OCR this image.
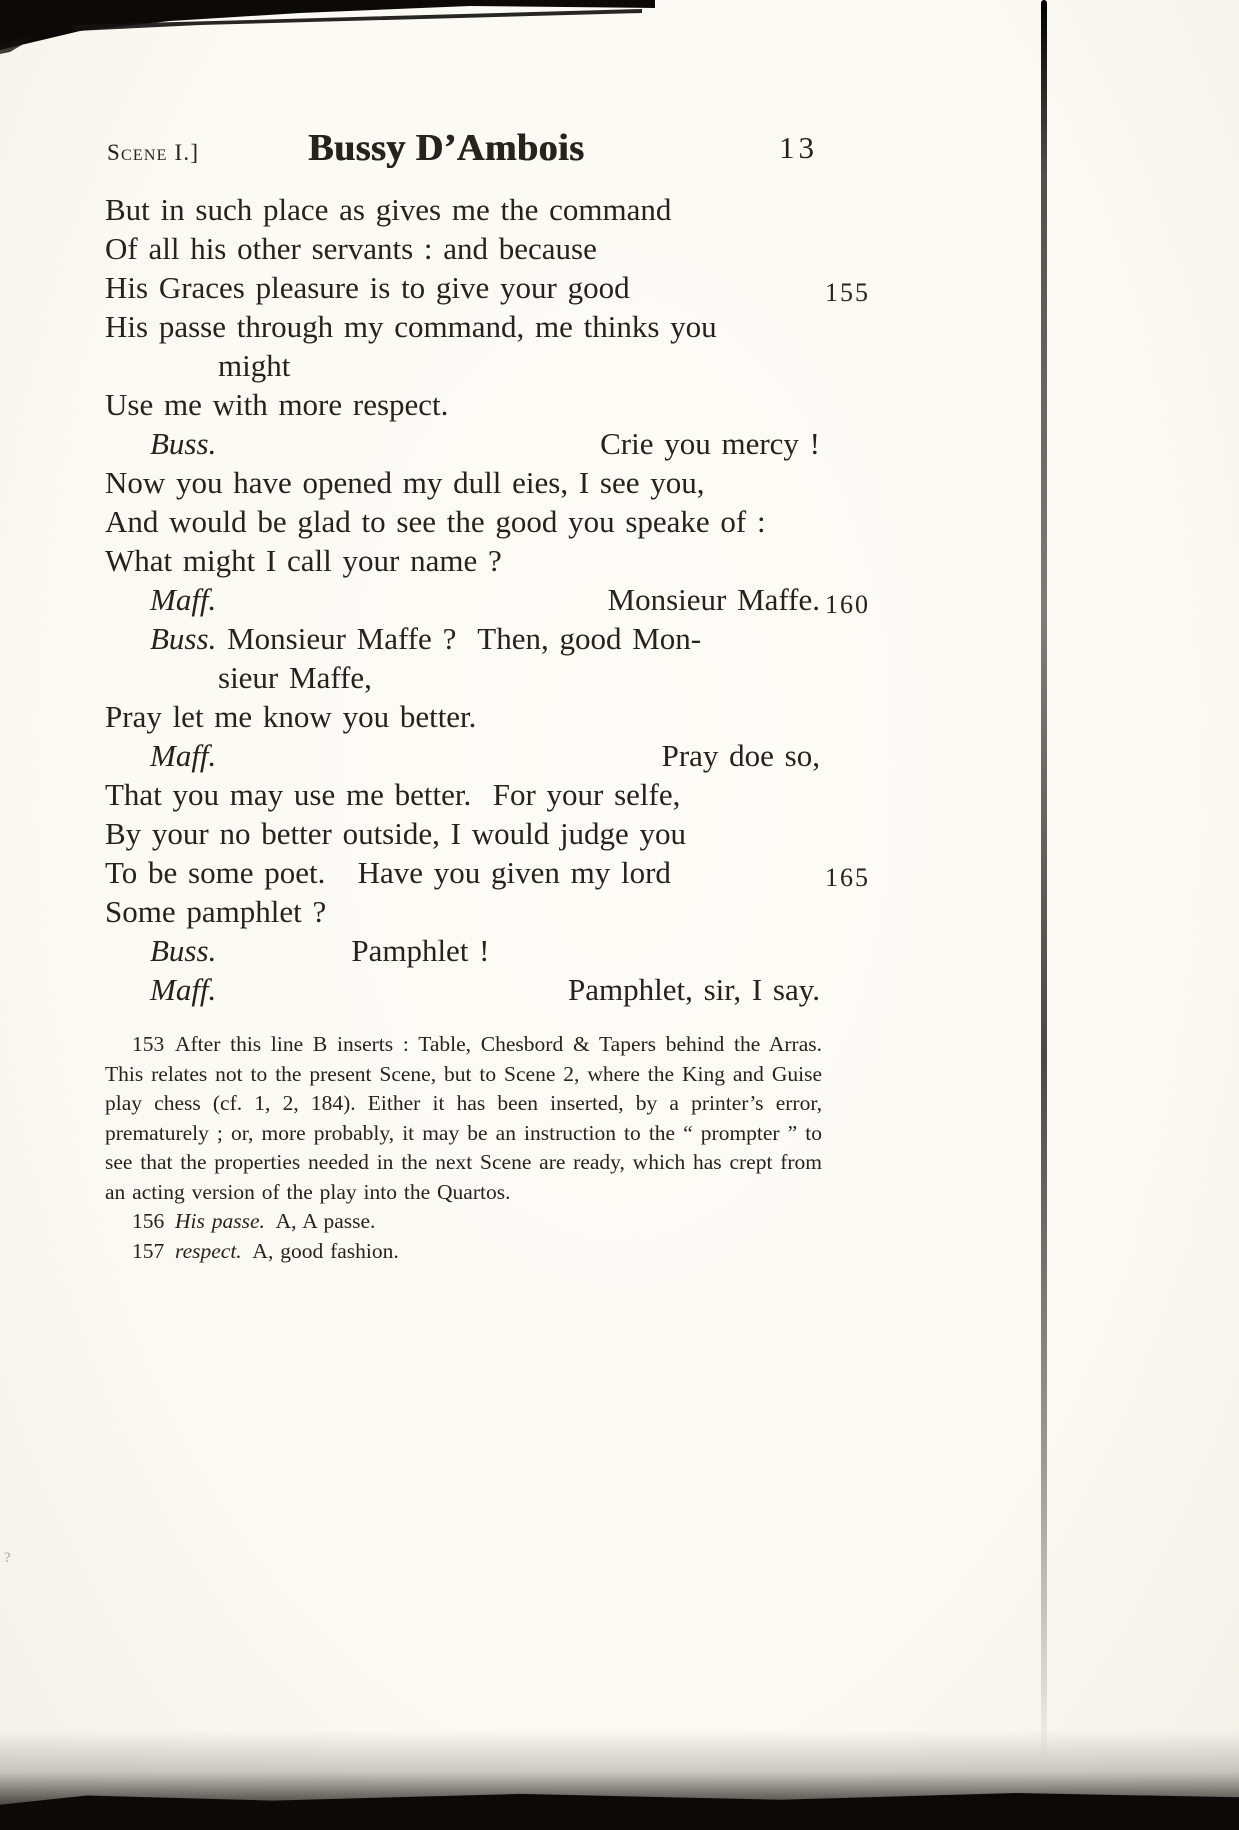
?
Scene I.]	Bussy D’Ambois	13
But in such place as gives me the command
Of all his other servants : and because
His Graces pleasure is to give your good	155
His passe through my command, me thinks you
might
Use me with more respect.
Buss.	Crie you mercy !
Now you have opened my dull eies, I see you,
And would be glad to see the good you speake of :
What might I call your name ?
Maff.	Monsieur Maffe. 160
Buss. Monsieur Maffe ?  Then, good Mon-
sieur Maffe,
Pray let me know you better.
Maff.	Pray doe so,
That you may use me better.  For your selfe,
By your no better outside, I would judge you
To be some poet.   Have you given my lord	165
Some pamphlet ?
Buss.	Pamphlet !
Maff.	Pamphlet, sir, I say.

153 After this line B inserts : Table, Chesbord & Tapers behind the Arras. This relates not to the present Scene, but to Scene 2, where the King and Guise play chess (cf. 1, 2, 184). Either it has been inserted, by a printer’s error, prematurely ; or, more probably, it may be an instruction to the “ prompter ” to see that the properties needed in the next Scene are ready, which has crept from an acting version of the play into the Quartos.

156 His passe. A, A passe.

157 respect. A, good fashion.
